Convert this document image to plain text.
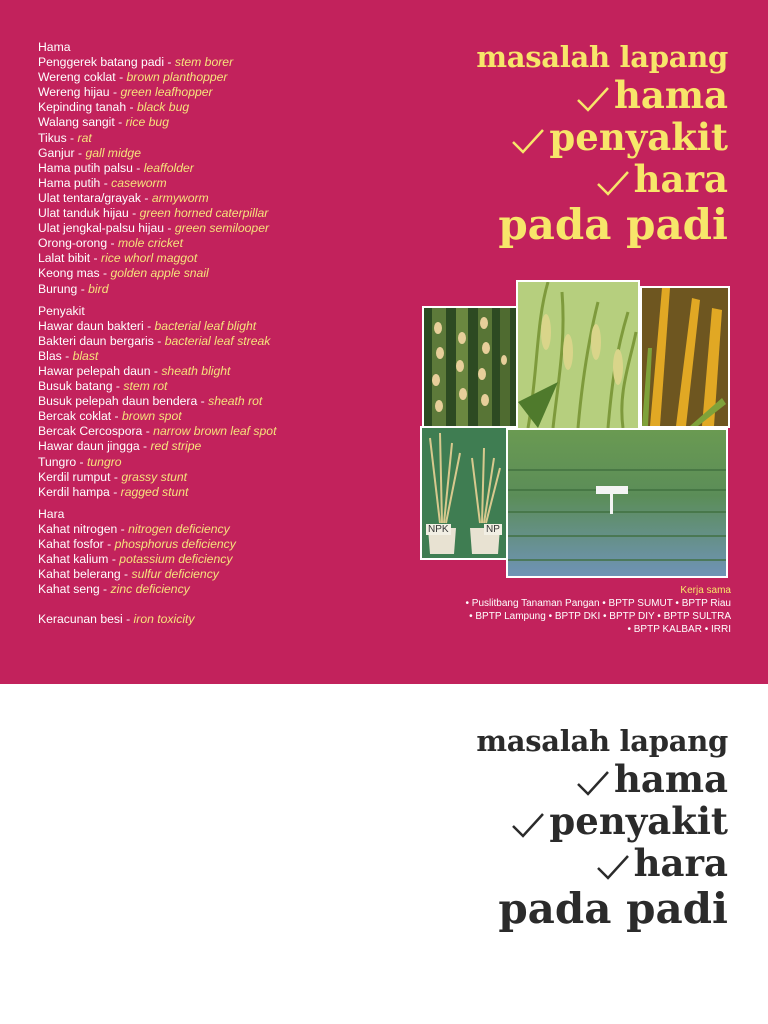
Hama
Penggerek batang padi - stem borer
Wereng coklat - brown planthopper
Wereng hijau - green leafhopper
Kepinding tanah - black bug
Walang sangit - rice bug
Tikus - rat
Ganjur - gall midge
Hama putih palsu - leaffolder
Hama putih - caseworm
Ulat tentara/grayak - armyworm
Ulat tanduk hijau - green horned caterpillar
Ulat jengkal-palsu hijau - green semilooper
Orong-orong - mole cricket
Lalat bibit - rice whorl maggot
Keong mas - golden apple snail
Burung - bird
Penyakit
Hawar daun bakteri - bacterial leaf blight
Bakteri daun bergaris - bacterial leaf streak
Blas - blast
Hawar pelepah daun - sheath blight
Busuk batang - stem rot
Busuk pelepah daun bendera - sheath rot
Bercak coklat - brown spot
Bercak Cercospora - narrow brown leaf spot
Hawar daun jingga - red stripe
Tungro - tungro
Kerdil rumput - grassy stunt
Kerdil hampa - ragged stunt
Hara
Kahat nitrogen - nitrogen deficiency
Kahat fosfor - phosphorus deficiency
Kahat kalium - potassium deficiency
Kahat belerang - sulfur deficiency
Kahat seng - zinc deficiency
Keracunan besi - iron toxicity
masalah lapang
hama
penyakit
hara
pada padi
NPK	NP
Kerja sama
• Puslitbang Tanaman Pangan • BPTP SUMUT • BPTP Riau
• BPTP Lampung • BPTP DKI • BPTP DIY • BPTP SULTRA
• BPTP KALBAR • IRRI
masalah lapang
hama
penyakit
hara
pada padi
